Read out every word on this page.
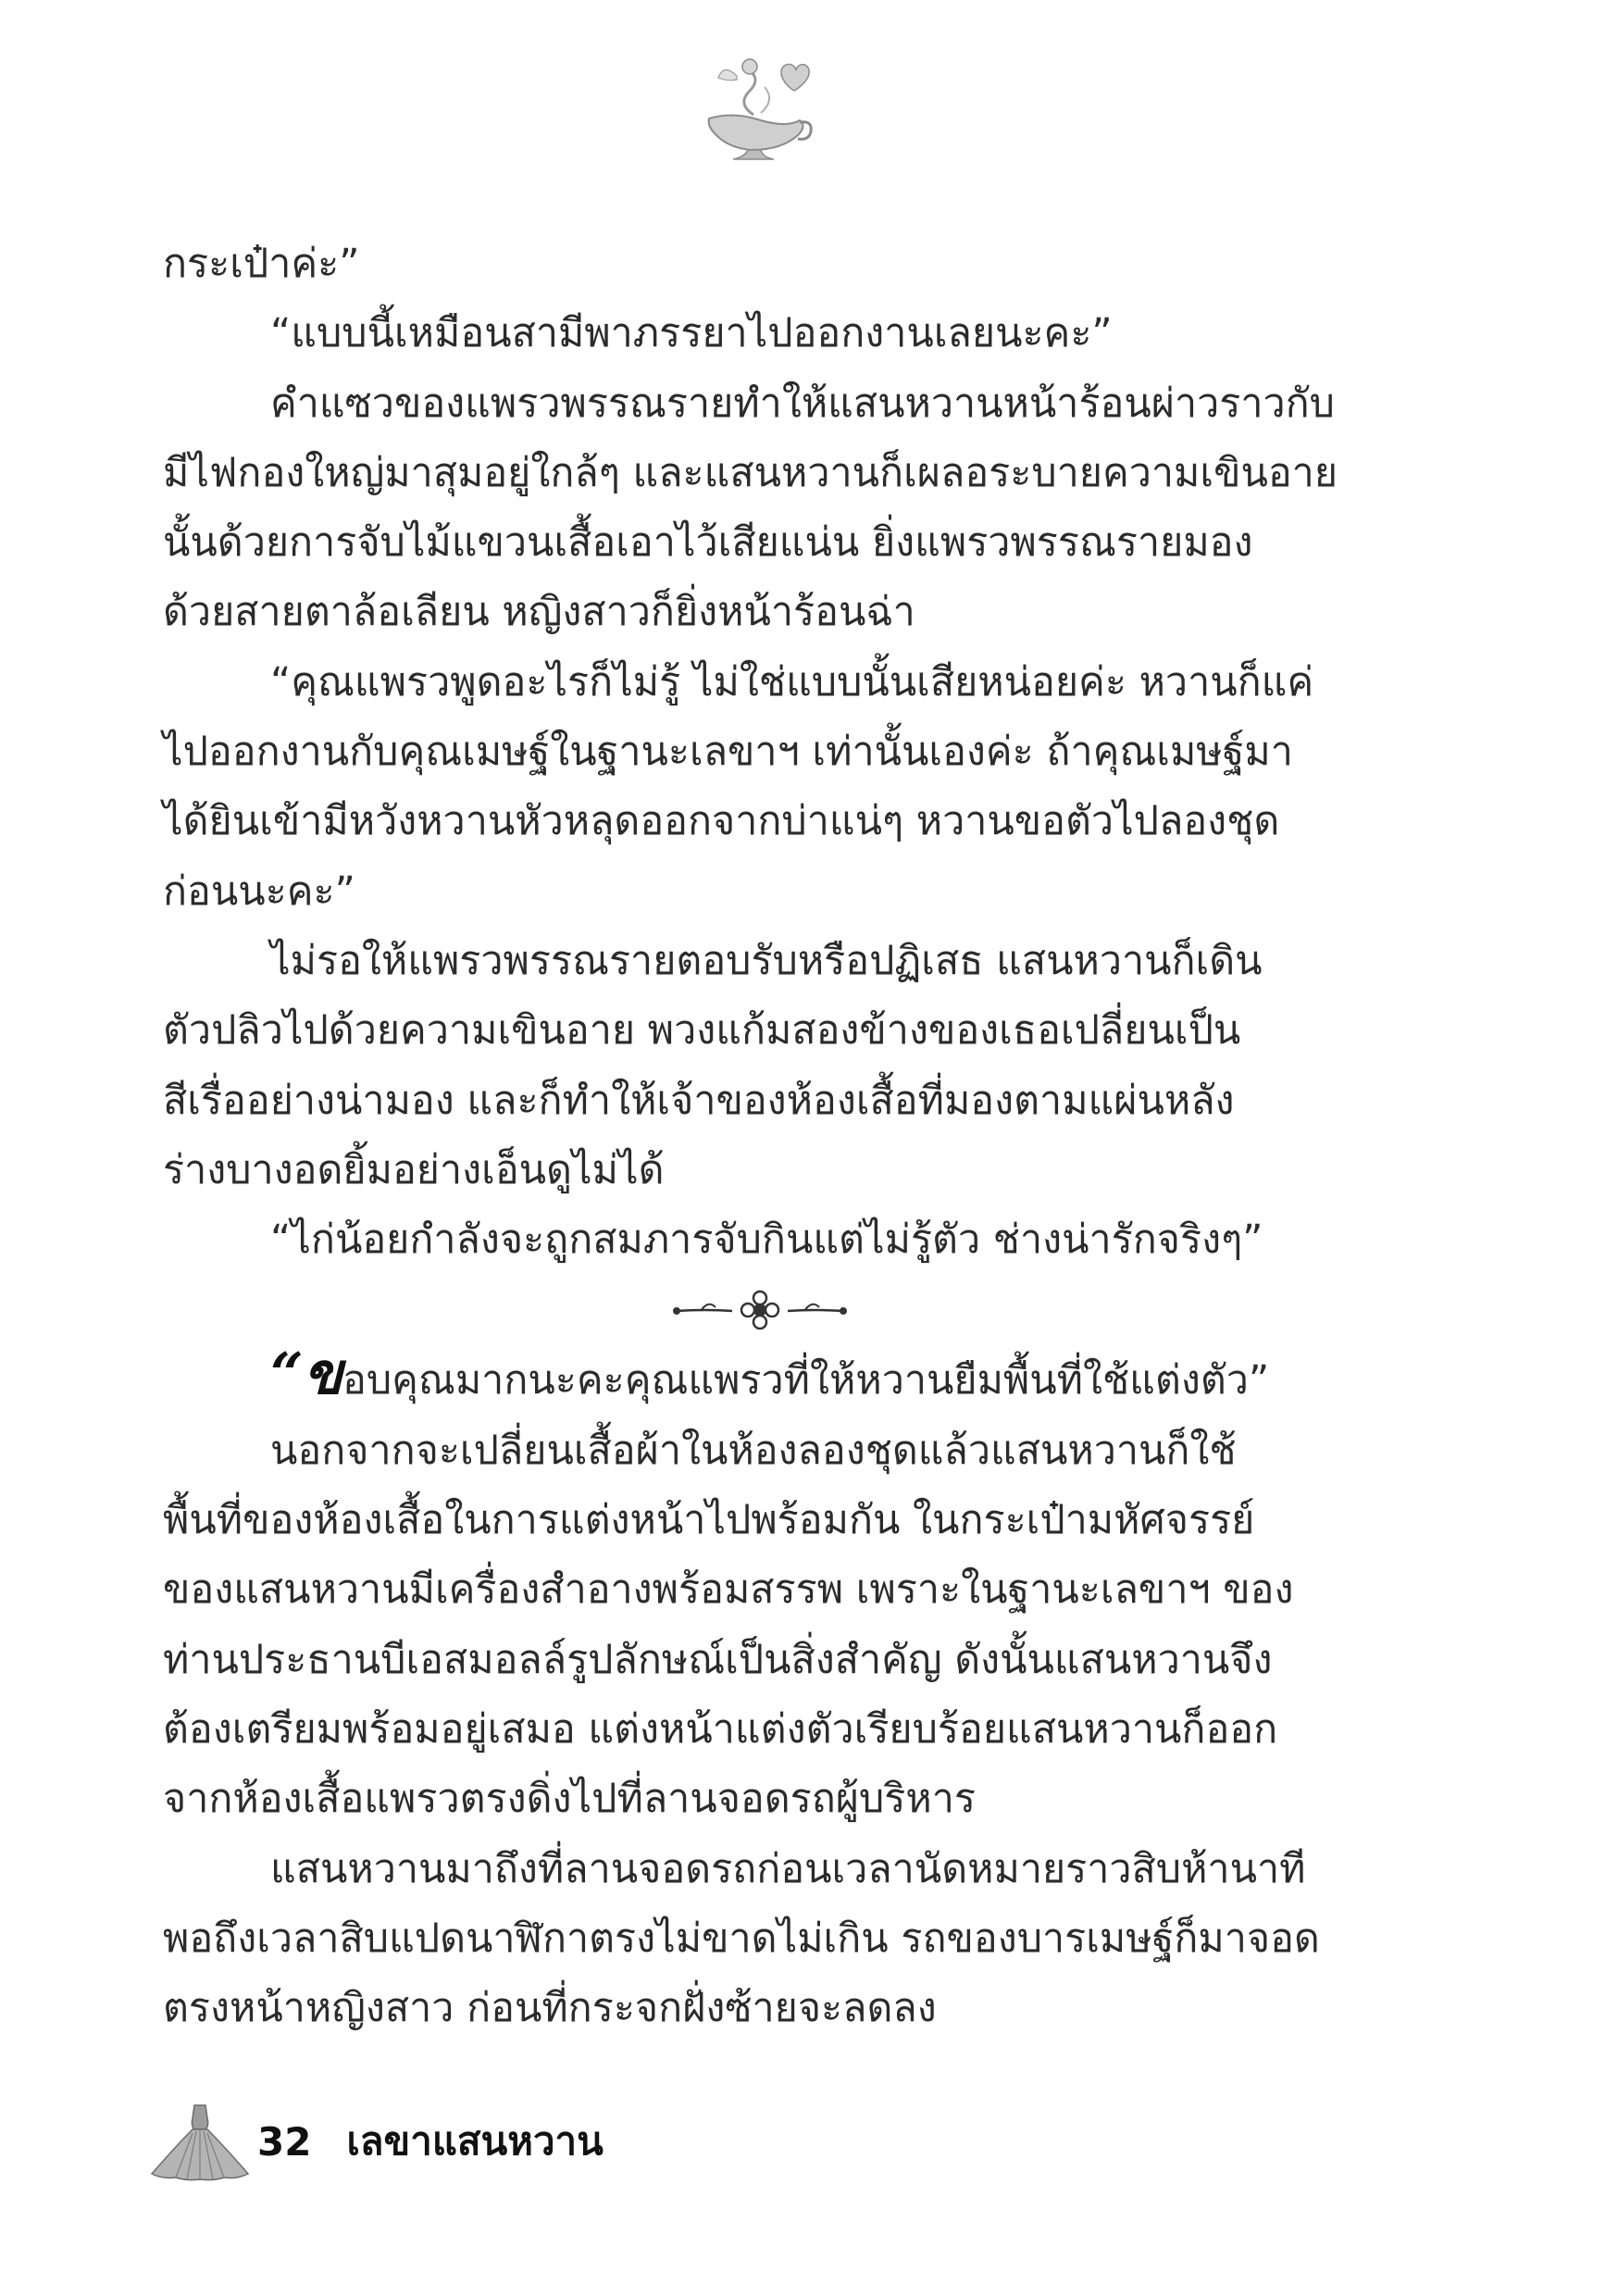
กระเป๋าค่ะ”

“แบบนี้เหมือนสามีพาภรรยาไปออกงานเลยนะคะ”

คำแซวของแพรวพรรณรายทำให้แสนหวานหน้าร้อนผ่าวราวกับ
มีไฟกองใหญ่มาสุมอยู่ใกล้ๆ และแสนหวานก็เผลอระบายความเขินอาย
นั้นด้วยการจับไม้แขวนเสื้อเอาไว้เสียแน่น ยิ่งแพรวพรรณรายมอง
ด้วยสายตาล้อเลียน หญิงสาวก็ยิ่งหน้าร้อนฉ่า

“คุณแพรวพูดอะไรก็ไม่รู้ ไม่ใช่แบบนั้นเสียหน่อยค่ะ หวานก็แค่
ไปออกงานกับคุณเมษฐ์ในฐานะเลขาฯ เท่านั้นเองค่ะ ถ้าคุณเมษฐ์มา
ได้ยินเข้ามีหวังหวานหัวหลุดออกจากบ่าแน่ๆ หวานขอตัวไปลองชุด
ก่อนนะคะ”

ไม่รอให้แพรวพรรณรายตอบรับหรือปฏิเสธ แสนหวานก็เดิน
ตัวปลิวไปด้วยความเขินอาย พวงแก้มสองข้างของเธอเปลี่ยนเป็น
สีเรื่ออย่างน่ามอง และก็ทำให้เจ้าของห้องเสื้อที่มองตามแผ่นหลัง
ร่างบางอดยิ้มอย่างเอ็นดูไม่ได้

“ไก่น้อยกำลังจะถูกสมภารจับกินแต่ไม่รู้ตัว ช่างน่ารักจริงๆ”

“ขอบคุณมากนะคะคุณแพรวที่ให้หวานยืมพื้นที่ใช้แต่งตัว”

นอกจากจะเปลี่ยนเสื้อผ้าในห้องลองชุดแล้วแสนหวานก็ใช้
พื้นที่ของห้องเสื้อในการแต่งหน้าไปพร้อมกัน ในกระเป๋ามหัศจรรย์
ของแสนหวานมีเครื่องสำอางพร้อมสรรพ เพราะในฐานะเลขาฯ ของ
ท่านประธานบีเอสมอลล์รูปลักษณ์เป็นสิ่งสำคัญ ดังนั้นแสนหวานจึง
ต้องเตรียมพร้อมอยู่เสมอ แต่งหน้าแต่งตัวเรียบร้อยแสนหวานก็ออก
จากห้องเสื้อแพรวตรงดิ่งไปที่ลานจอดรถผู้บริหาร

แสนหวานมาถึงที่ลานจอดรถก่อนเวลานัดหมายราวสิบห้านาที
พอถึงเวลาสิบแปดนาฬิกาตรงไม่ขาดไม่เกิน รถของบารเมษฐ์ก็มาจอด
ตรงหน้าหญิงสาว ก่อนที่กระจกฝั่งซ้ายจะลดลง

32 เลขาแสนหวาน
